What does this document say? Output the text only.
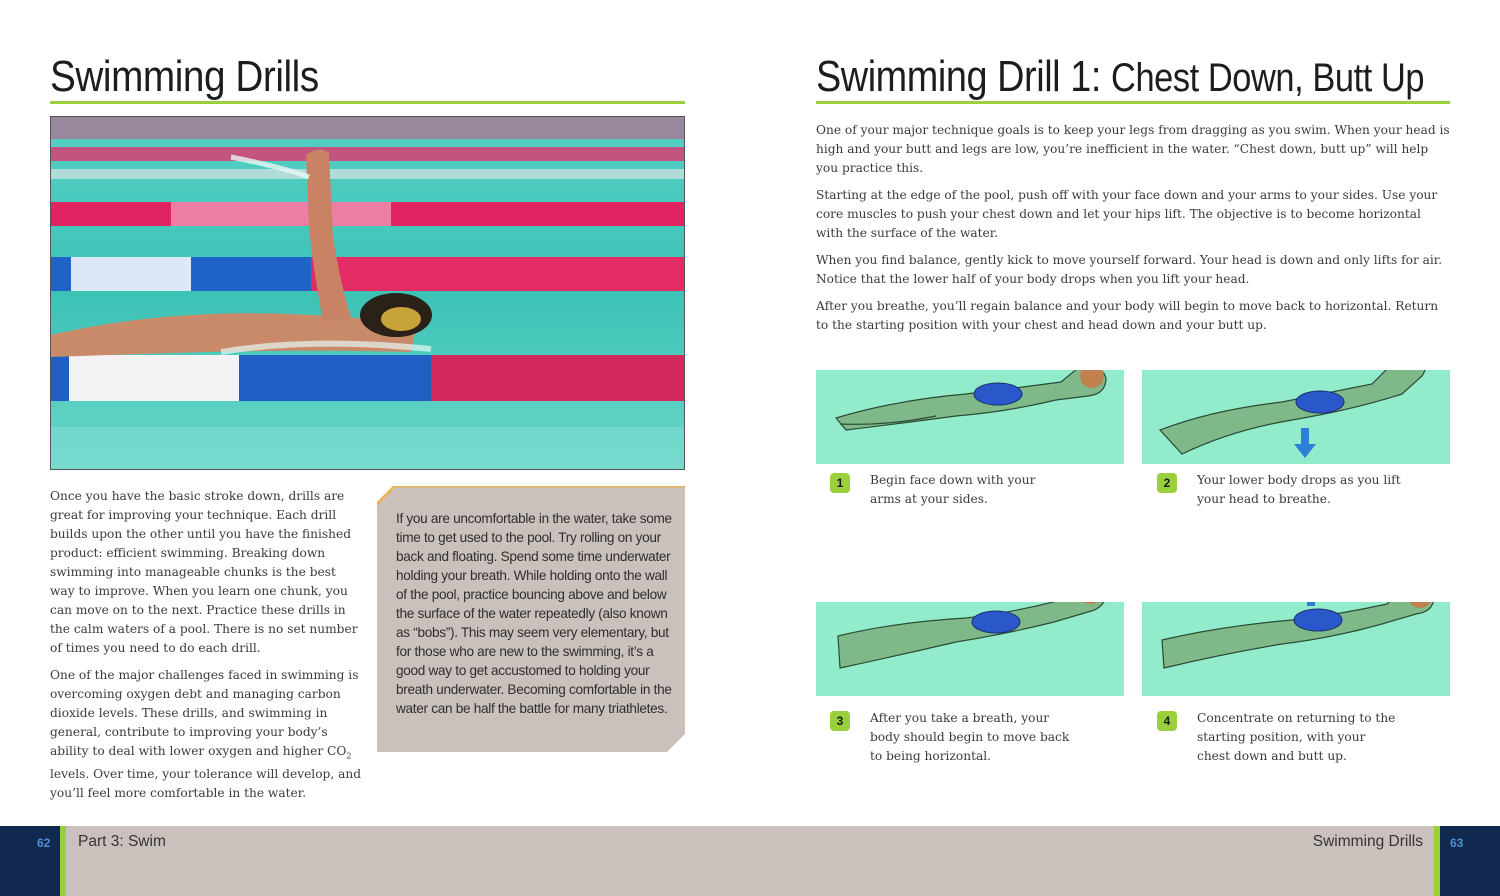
Swimming Drills

Once you have the basic stroke down, drills are great for improving your technique. Each drill builds upon the other until you have the finished product: efficient swimming. Breaking down swimming into manageable chunks is the best way to improve. When you learn one chunk, you can move on to the next. Practice these drills in the calm waters of a pool. There is no set number of times you need to do each drill.

One of the major challenges faced in swimming is overcoming oxygen debt and managing carbon dioxide levels. These drills, and swimming in general, contribute to improving your body’s ability to deal with lower oxygen and higher $CO_2$ levels. Over time, your tolerance will develop, and you’ll feel more comfortable in the water.

If you are uncomfortable in the water, take some time to get used to the pool. Try rolling on your back and floating. Spend some time underwater holding your breath. While holding onto the wall of the pool, practice bouncing above and below the surface of the water repeatedly (also known as “bobs”). This may seem very elementary, but for those who are new to the swimming, it’s a good way to get accustomed to holding your breath underwater. Becoming comfortable in the water can be half the battle for many triathletes.
Swimming Drill 1: Chest Down, Butt Up

One of your major technique goals is to keep your legs from dragging as you swim. When your head is high and your butt and legs are low, you’re inefficient in the water. “Chest down, butt up” will help you practice this.

Starting at the edge of the pool, push off with your face down and your arms to your sides. Use your core muscles to push your chest down and let your hips lift. The objective is to become horizontal with the surface of the water.

When you find balance, gently kick to move yourself forward. Your head is down and only lifts for air. Notice that the lower half of your body drops when you lift your head.

After you breathe, you’ll regain balance and your body will begin to move back to horizontal. Return to the starting position with your chest and head down and your butt up.

1	Begin face down with your arms at your sides.
2	Your lower body drops as you lift your head to breathe.
3	After you take a breath, your body should begin to move back to being horizontal.
4	Concentrate on returning to the starting position, with your chest down and butt up.
62 Part 3: Swim	Swimming Drills 63
